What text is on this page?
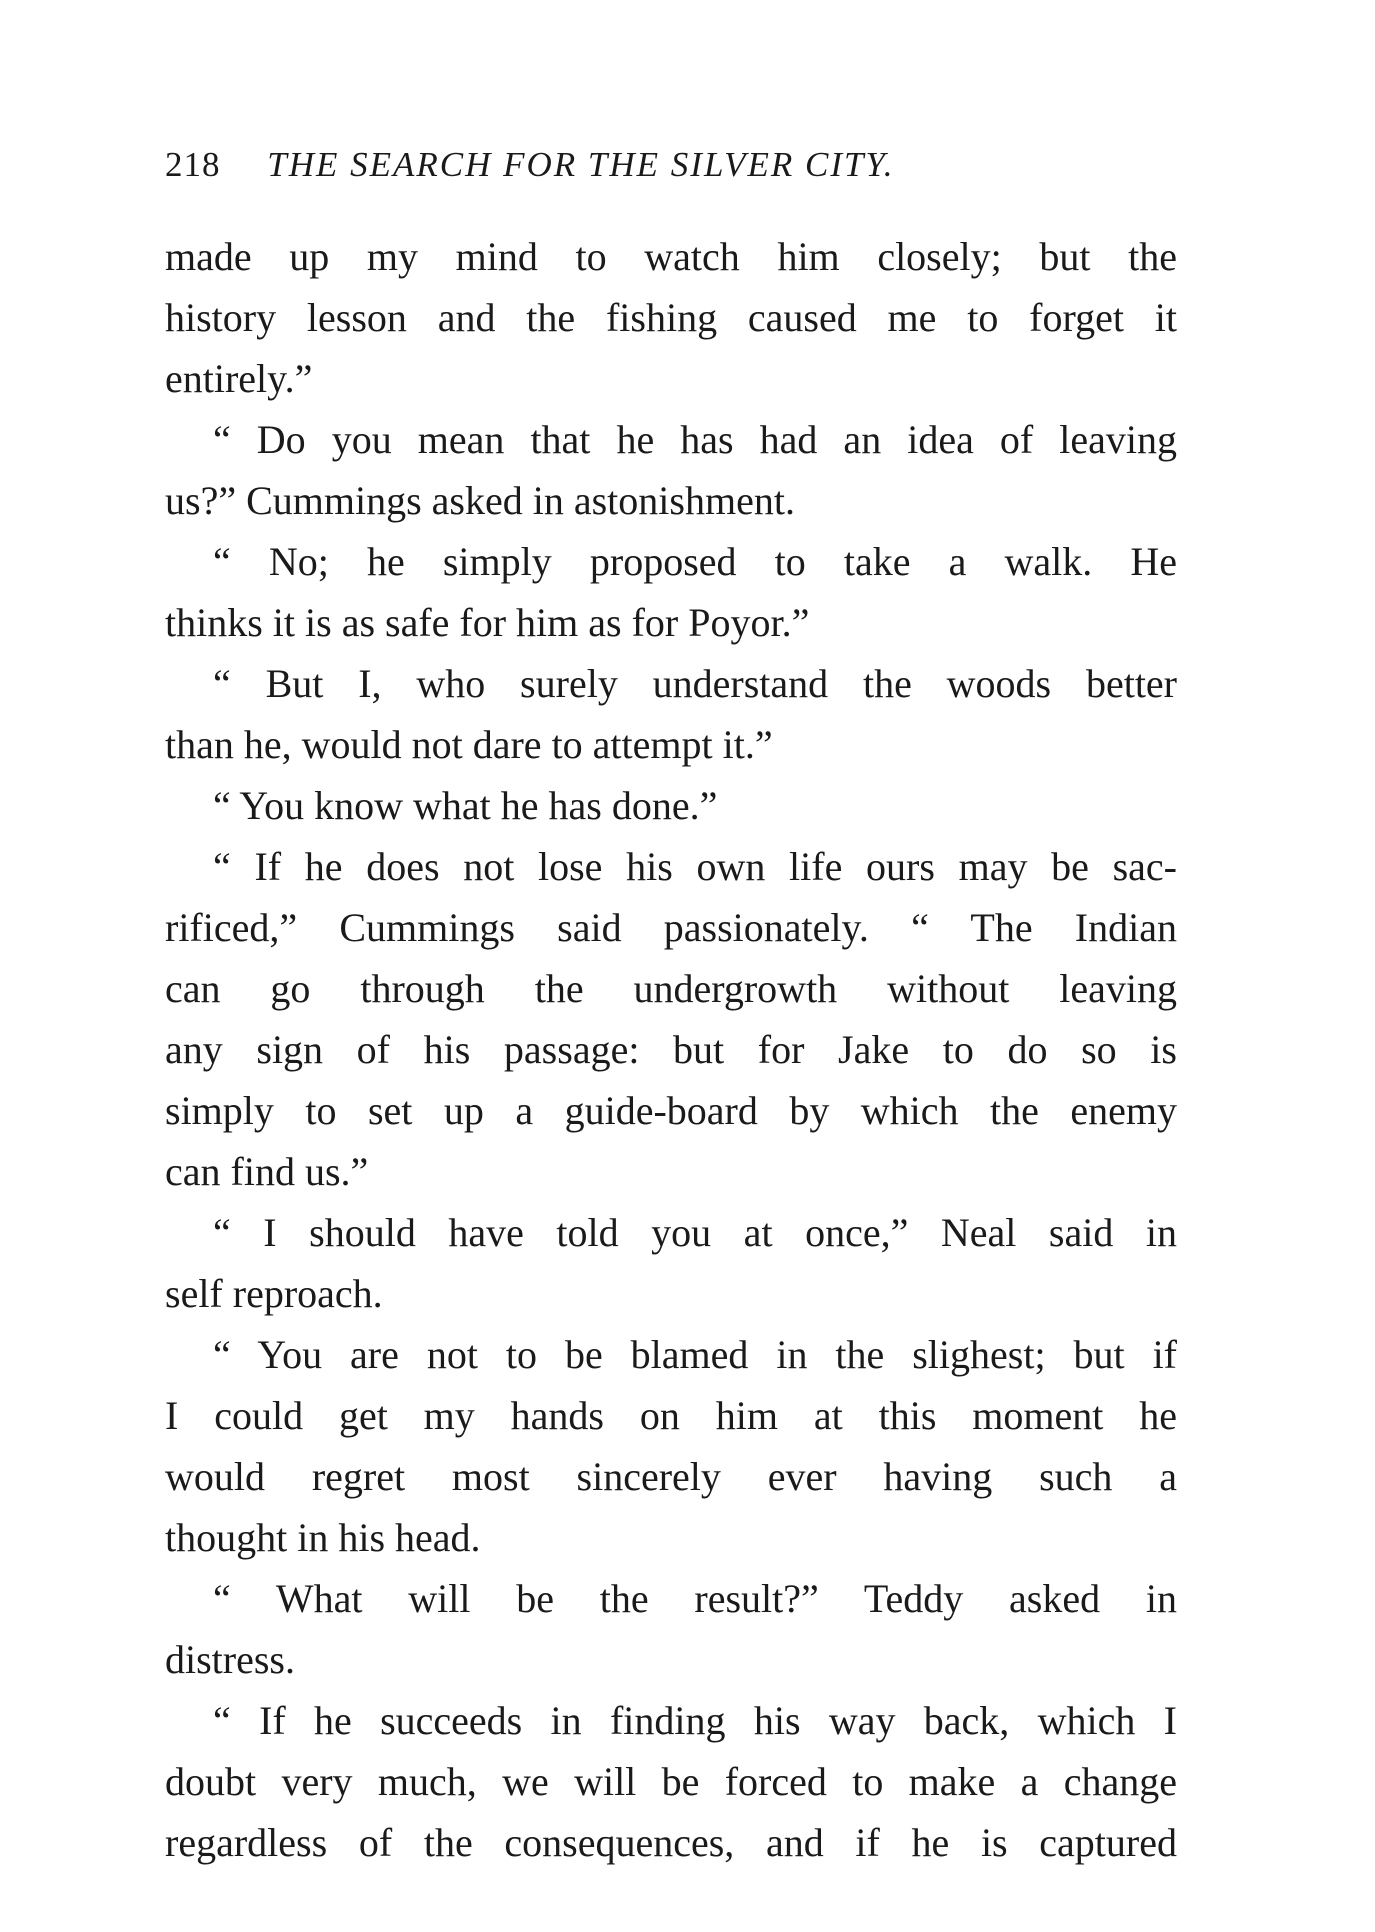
218 THE SEARCH FOR THE SILVER CITY.
made up my mind to watch him closely; but the
history lesson and the fishing caused me to forget it
entirely.”
“ Do you mean that he has had an idea of leaving
us?” Cummings asked in astonishment.
“ No; he simply proposed to take a walk. He
thinks it is as safe for him as for Poyor.”
“ But I, who surely understand the woods better
than he, would not dare to attempt it.”
“ You know what he has done.”
“ If he does not lose his own life ours may be sac-
rificed,” Cummings said passionately. “ The Indian
can go through the undergrowth without leaving
any sign of his passage: but for Jake to do so is
simply to set up a guide-board by which the enemy
can find us.”
“ I should have told you at once,” Neal said in
self reproach.
“ You are not to be blamed in the slighest; but if
I could get my hands on him at this moment he
would regret most sincerely ever having such a
thought in his head.
“ What will be the result?” Teddy asked in
distress.
“ If he succeeds in finding his way back, which I
doubt very much, we will be forced to make a change
regardless of the consequences, and if he is captured
